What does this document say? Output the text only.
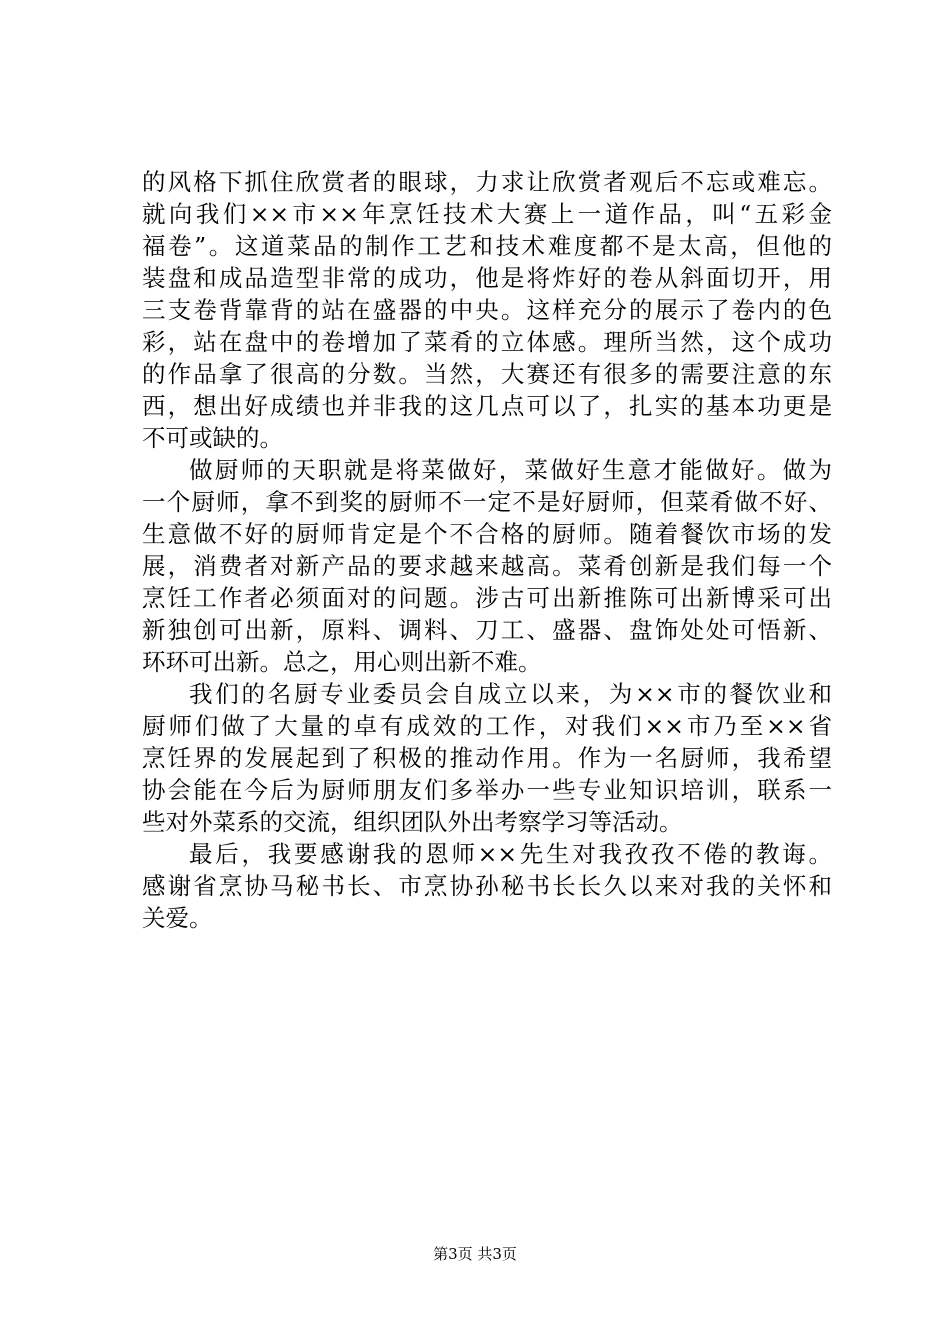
的风格下抓住欣赏者的眼球，力求让欣赏者观后不忘或难忘。
就向我们××市××年烹饪技术大赛上一道作品，叫“五彩金
福卷”。这道菜品的制作工艺和技术难度都不是太高，但他的
装盘和成品造型非常的成功，他是将炸好的卷从斜面切开，用
三支卷背靠背的站在盛器的中央。这样充分的展示了卷内的色
彩，站在盘中的卷增加了菜肴的立体感。理所当然，这个成功
的作品拿了很高的分数。当然，大赛还有很多的需要注意的东
西，想出好成绩也并非我的这几点可以了，扎实的基本功更是
不可或缺的。
做厨师的天职就是将菜做好，菜做好生意才能做好。做为
一个厨师，拿不到奖的厨师不一定不是好厨师，但菜肴做不好、
生意做不好的厨师肯定是个不合格的厨师。随着餐饮市场的发
展，消费者对新产品的要求越来越高。菜肴创新是我们每一个
烹饪工作者必须面对的问题。涉古可出新推陈可出新博采可出
新独创可出新，原料、调料、刀工、盛器、盘饰处处可悟新、
环环可出新。总之，用心则出新不难。
我们的名厨专业委员会自成立以来，为××市的餐饮业和
厨师们做了大量的卓有成效的工作，对我们××市乃至××省
烹饪界的发展起到了积极的推动作用。作为一名厨师，我希望
协会能在今后为厨师朋友们多举办一些专业知识培训，联系一
些对外菜系的交流，组织团队外出考察学习等活动。
最后，我要感谢我的恩师××先生对我孜孜不倦的教诲。
感谢省烹协马秘书长、市烹协孙秘书长长久以来对我的关怀和
关爱。
第3页 共3页
